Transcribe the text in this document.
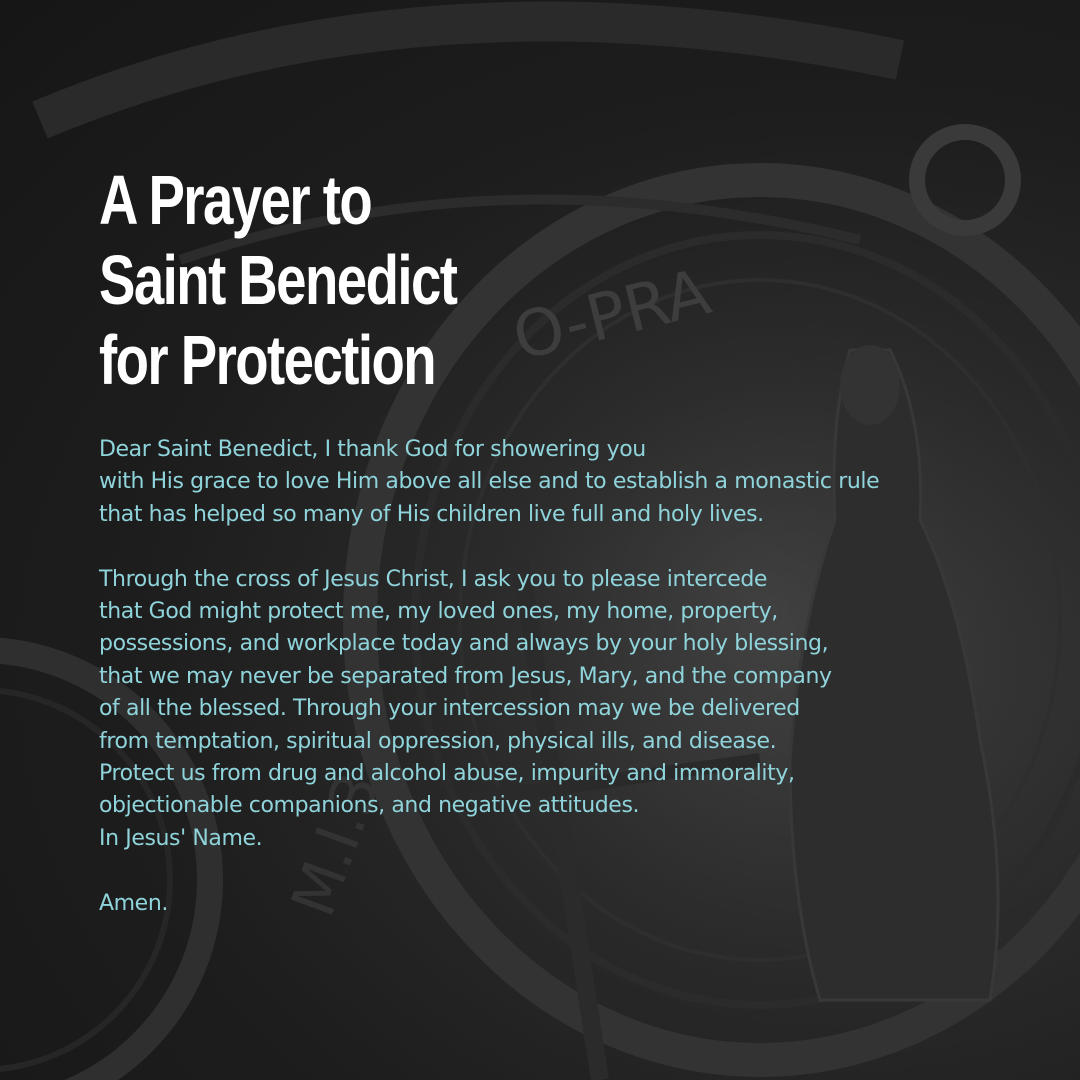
O-PRA
M.I.3
A Prayer to
Saint Benedict
for Protection
Dear Saint Benedict, I thank God for showering you
with His grace to love Him above all else and to establish a monastic rule
that has helped so many of His children live full and holy lives.
Through the cross of Jesus Christ, I ask you to please intercede
that God might protect me, my loved ones, my home, property,
possessions, and workplace today and always by your holy blessing,
that we may never be separated from Jesus, Mary, and the company
of all the blessed. Through your intercession may we be delivered
from temptation, spiritual oppression, physical ills, and disease.
Protect us from drug and alcohol abuse, impurity and immorality,
objectionable companions, and negative attitudes.
In Jesus' Name.
Amen.
